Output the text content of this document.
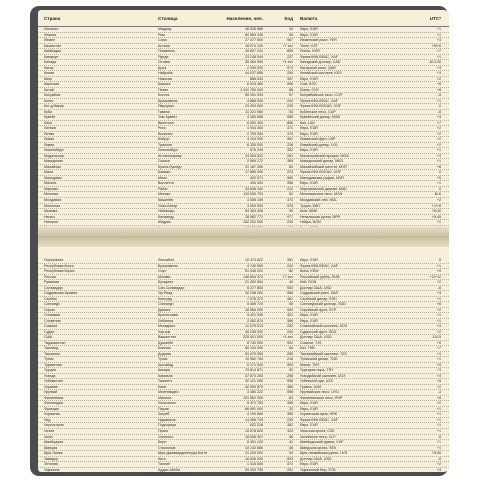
Страна	Столица	Население, чел.	Код Валюта	UTC*
Испания	Мадрид	46 528 966	34 Евро, EUR	+1
Италия	Рим	60 589 445	39 Евро, EUR	+1
Йемен	Сана	27 477 600	967 Йеменский риал, YER	+3
Казахстан	Астана	18 074 100	+7 ххх Тенге, KZT	+5/+6
Камбоджа	Пномпень	15 827 241	855 Риель, KHR	+7
Камерун	Яунде	23 248 044	237 Франк КФА ВЕАС, XAF	+1
Канада	Оттава	35 464 000	+1 ххх Канадский доллар, CAD	-8/-3.30
Катар	Доха	2 339 000	974 Катарский риал, QAR	+3
Кения	Найроби	44 037 656	254 Кенийский шиллинг, KES	+3
Кипр	Никосия	866 633	357 Евро, EUR	+2
Киргизия	Бишкек	6 019 480	996 Сом, KGS	+6
Китай	Пекин	1 411 750 000	86 Юань, CNY	+8
Колумбия	Богота	50 091 933	57 Колумбийское песо, COP	-5
Конго	Браззавиль	4 885 000	242 Франк КФА ВЕАС, XAF	+1
Кот-д'Ивуар	Ямусукро	23 254 000	225 Франк КФА ВСЕАО, XOF	0
Куба	Гавана	11 221 060	53 Кубинское песо, CUP	-5
Кувейт	Эль-Кувейт	4 183 658	965 Кувейтский динар, KWD	+3
Лаос	Вьентьян	6 492 400	856 Кип, LAK	+7
Латвия	Рига	1 934 300	371 Евро, EUR	+2
Литва	Вильнюс	2 793 284	370 Евро, EUR	+2
Ливан	Бейрут	4 104 000	961 Ливанский фунт, LBP	+2
Ливия	Триполи	6 330 000	218 Ливийский динар, LYD	+2
Люксембург	Люксембург	576 249	352 Евро, EUR	+1
Мадагаскар	Антананариву	24 053 832	261 Малагасийский ариари, MGA	+3
Македония	Скопье	2 069 172	389 Македонский денар, MKD	+1
Малайзия	Куала-Лумпур	31 187 265	60 Малайзийский ринггит, MYR	+8
Мали	Бамако	17 885 000	223 Франк КФА ВСЕАО, XOF	0
Мальдивы	Мале	402 071	960 Мальдивская руфия, MVR	+5
Мальта	Валлетта	434 403	356 Евро, EUR	+1
Марокко	Рабат	33 848 242	212 Марокканский дирхам, MAD	0
Мексика	Мехико	119 530 753	52 Мексиканское песо, MXN	-8/-6
Молдавия	Кишинёв	3 555 159	373 Молдавский лей, MDL	+2
Монголия	Улан-Батор	3 000 000	976 Тугрик, MNT	+7/+8
Мьянма	Нейпьидо	54 363 426	95 Кьят, MMK	+6:30
Непал	Катманду	28 982 771	977 Непальская рупия, NPR	+5:45
Нигерия	Абуджа	182 202 000	234 Найра, NGN	+1
Португалия	Лиссабон	10 374 822	351 Евро, EUR	0
Республика Конго	Браззавиль	4 740 000	242 Франк КФА ВЕАС, XAF	+1
Республика Корея	Сеул	51 446 201	82 Вона, KRW	+9
Россия	Москва	146 804 372	+7 ххх Российский рубль, RUB	+2/+12
Румыния	Бухарест	21 262 504	40 Лей, RON	+2
Сальвадор	Сан-Сальвадор	6 377 853	503 Доллар США, USD	-6
Саудовская Аравия	Эр-Рияд	32 248 200	966 Саудовский риял, SAR	+3
Сербия	Белград	7 076 372	381 Сербский динар, RSD	+1
Сингапур	Сингапур	5 469 724	65 Сингапурский доллар, SGD	+8
Сирия	Дамаск	18 564 000	963 Сирийский фунт, SYP	+2
Словакия	Братислава	5 421 349	421 Евро, EUR	+1
Словения	Любляна	2 062 874	386 Евро, EUR	+1
Сомали	Могадишо	11 079 013	252 Сомалийский шиллинг, SOS	+3
Судан	Хартум	40 235 000	249 Суданский фунт, SDG	+2
США	Вашингтон	325 401 000	+1 ххх Доллар США, USD	-10/-5
Таджикистан	Душанбе	8 742 000	992 Сомони, TJS	+5
Таиланд	Бангкок	65 104 000	66 Бат, THB	+7
Танзания	Додома	53 470 000	255 Танзанийский шиллинг, TZS	+3
Тунис	Тунис	10 982 754	216 Тунисский динар, TND	+1
Туркмения	Ашхабад	5 171 943	993 Манат, TMT	+5
Турция	Анкара	79 814 871	90 Турецкая лира, TRY	+3
Уганда	Кампала	37 873 253	256 Угандийский шиллинг, UGX	+3
Узбекистан	Ташкент	32 121 000	998 Узбекский сум, UZS	+5
Украина	Киев	42 590 879	380 Гривна, UAH	+2
Уругвай	Монтевидео	3 480 222	598 Уругвайское песо, UYU	-3
Филиппины	Манила	101 562 305	63 Филиппинское песо, PHP	+8
Финляндия	Хельсинки	5 471 753	358 Евро, EUR	+2
Франция	Париж	66 991 000	33 Евро, EUR	+1
Хорватия	Загреб	4 190 669	385 Хорватская куна, HRK	+1
Чад	Нджамена	14 496 739	235 Франк КФА ВЕАС, XAF	+1
Черногория	Подгорица	622 218	382 Евро, EUR	+1
Чехия	Прага	10 578 820	420 Чешская крона, CZK	+1
Чили	Сантьяго	18 006 407	56 Чилийское песо, CLP	-5
Швейцария	Берн	8 401 120	41 Швейцарский франк, CHF	+1
Швеция	Стокгольм	10 142 686	46 Шведская крона, SEK	+1
Шри-Ланка	Шри-Джаяварденепура-Котте	21 203 000	94 Шри-ланкийская рупия, LKR	+5:30
Эквадор	Кито	16 626 000	593 Доллар США, USD	-5
Эстония	Таллин	1 315 635	372 Евро, EUR	+2
Эфиопия	Аддис-Абеба	99 390 750	251 Эфиопский быр, ETB	+3
